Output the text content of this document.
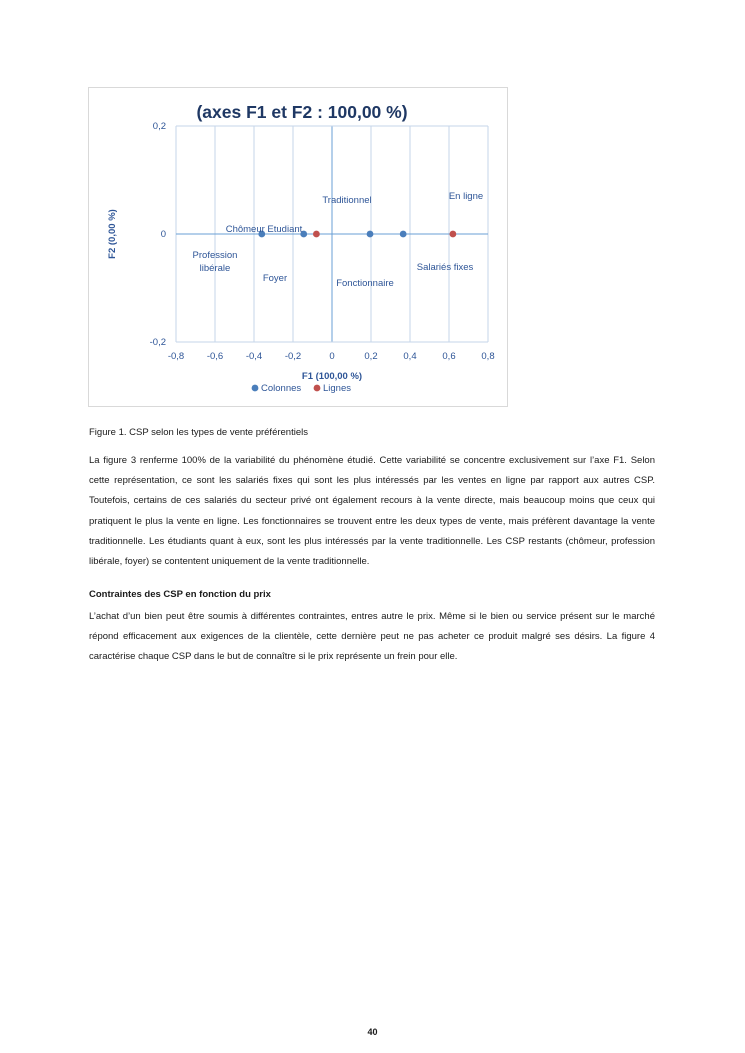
-0,8 -0,6 -0,4 -0,2	0	0,2	0,4	0,6	0,8
0,2
0
-0,2
(axes F1 et F2 : 100,00 %)
F1 (100,00 %)
F2 (0,00 %)	Chômeur Etudiant
Traditionnel	En ligne
Profession
libérale
Foyer	Fonctionnaire
Salariés fixes
Colonnes Lignes
Figure 1. CSP selon les types de vente préférentiels

La figure 3 renferme 100% de la variabilité du phénomène étudié. Cette variabilité se concentre exclusivement sur l’axe F1. Selon cette représentation, ce sont les salariés fixes qui sont les plus intéressés par les ventes en ligne par rapport aux autres CSP. Toutefois, certains de ces salariés du secteur privé ont également recours à la vente directe, mais beaucoup moins que ceux qui pratiquent le plus la vente en ligne. Les fonctionnaires se trouvent entre les deux types de vente, mais préfèrent davantage la vente traditionnelle. Les étudiants quant à eux, sont les plus intéressés par la vente traditionnelle. Les CSP restants (chômeur, profession libérale, foyer) se contentent uniquement de la vente traditionnelle.

Contraintes des CSP en fonction du prix

L’achat d’un bien peut être soumis à différentes contraintes, entres autre le prix. Même si le bien ou service présent sur le marché répond efficacement aux exigences de la clientèle, cette dernière peut ne pas acheter ce produit malgré ses désirs. La figure 4 caractérise chaque CSP dans le but de connaître si le prix représente un frein pour elle.

40
